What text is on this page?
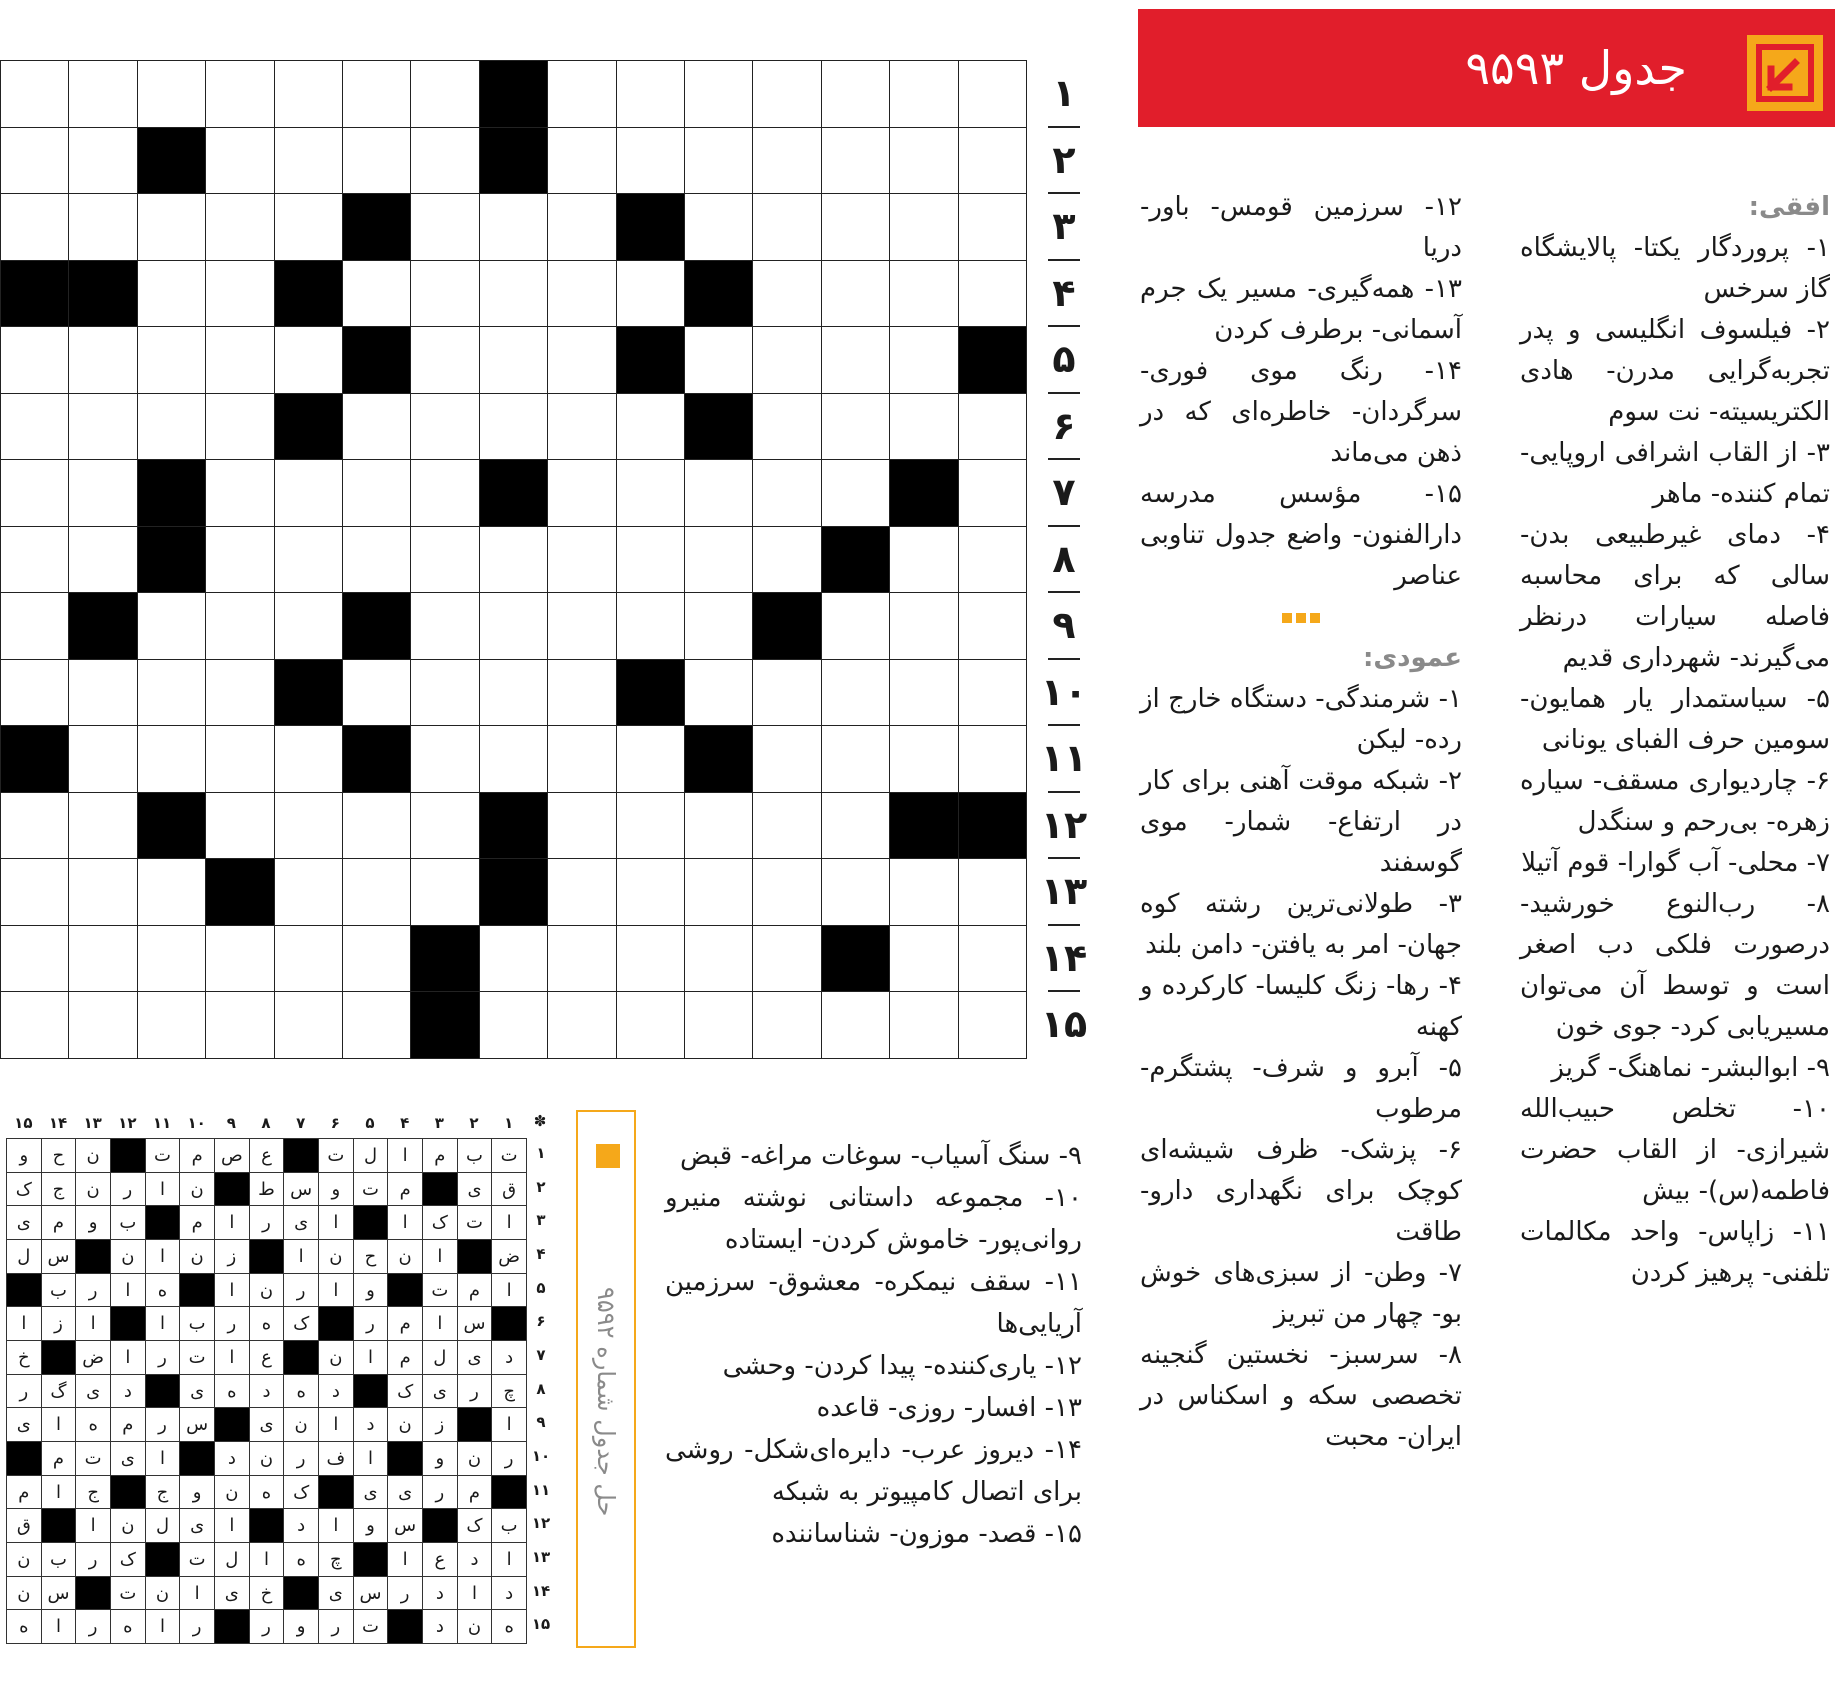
جدول ۹۵۹۳

افقی:

۱- پروردگار یکتا- پالایشگاه گاز سرخس

۲- فیلسوف انگلیسی و پدر تجربه‌گرایی مدرن- هادی الکتریسیته- نت سوم

۳- از القاب اشرافی اروپایی- تمام کننده- ماهر

۴- دمای غیرطبیعی بدن- سالی که برای محاسبه فاصله سیارات درنظر می‌گیرند- شهرداری قدیم

۵- سیاستمدار یار همایون- سومین حرف الفبای یونانی

۶- چاردیواری مسقف- سیاره زهره- بی‌رحم و سنگدل

۷- محلی- آب گوارا- قوم آتیلا

۸- رب‌النوع خورشید- درصورت فلکی دب اصغر است و توسط آن می‌توان مسیریابی کرد- جوی خون

۹- ابوالبشر- نماهنگ- گریز

۱۰- تخلص حبیب‌الله شیرازی- از القاب حضرت فاطمه(س)- بیش

۱۱- زاپاس- واحد مکالمات تلفنی- پرهیز کردن

۱۲- سرزمین قومس- باور- دریا

۱۳- همه‌گیری- مسیر یک جرم آسمانی- برطرف کردن

۱۴- رنگ موی فوری- سرگردان- خاطره‌ای که در ذهن می‌ماند

۱۵- مؤسس مدرسه دارالفنون- واضع جدول تناوبی عناصر

عمودی:

۱- شرمندگی- دستگاه خارج از رده- لیکن

۲- شبکه موقت آهنی برای کار در ارتفاع- شمار- موی گوسفند

۳- طولانی‌ترین رشته کوه جهان- امر به یافتن- دامن بلند

۴- رها- زنگ کلیسا- کارکرده و کهنه

۵- آبرو و شرف- پشتگرم- مرطوب

۶- پزشک- ظرف شیشه‌ای کوچک برای نگهداری دارو- طاقت

۷- وطن- از سبزی‌های خوش بو- چهار من تبریز

۸- سرسبز- نخستین گنجینه تخصصی سکه و اسکناس در ایران- محبت

۹- سنگ آسیاب- سوغات مراغه- قبض

۱۰- مجموعه داستانی نوشته منیرو روانی‌پور- خاموش کردن- ایستاده

۱۱- سقف نیمکره- معشوق- سرزمین آریایی‌ها

۱۲- یاری‌کننده- پیدا کردن- وحشی

۱۳- افسار- روزی- قاعده

۱۴- دیروز عرب- دایره‌ای‌شکل- روشی برای اتصال کامپیوتر به شبکه

۱۵- قصد- موزون- شناساننده

۱
۲
۳
۴
۵
۶
۷
۸
۹
۱۰
۱۱
۱۲
۱۳
۱۴
۱۵
حل جدول شماره ۹۵۹۲
✽
۱
۲
۳
۴
۵
۶
۷
۸
۹
۱۰
۱۱
۱۲
۱۳
۱۴
۱۵
۱
۲
۳
۴
۵
۶
۷
۸
۹
۱۰
۱۱
۱۲
۱۳
۱۴
۱۵
ت
ب
م
ا
ل
ت
ع
ص
م
ت
ن
ح
و
ق
ی
م
ت
و
س
ط
ن
ا
ر
ن
ج
ک
ا
ت
ک
ا
ا
ی
ر
ا
م
ب
و
م
ی
ض
ا
ن
ح
ن
ا
ز
ن
ا
ن
س
ل
ا
م
ت
و
ا
ر
ن
ا
ه
ا
ر
ب
س
ا
م
ر
ک
ه
ر
ب
ا
ا
ز
ا
د
ی
ل
م
ا
ن
ع
ا
ت
ر
ا
ض
خ
چ
ر
ی
ک
د
ه
د
ه
ی
د
ی
گ
ر
ا
ز
ن
د
ا
ن
ی
س
ر
م
ه
ا
ی
ر
ن
و
ا
ف
ر
ن
د
ا
ی
ت
م
م
ر
ی
ی
ک
ه
ن
و
ج
ج
ا
م
ب
ک
س
و
ا
د
ا
ی
ل
ن
ا
ق
ا
د
ع
ا
چ
ه
ا
ل
ت
ک
ر
ب
ن
د
ا
د
ر
س
ی
خ
ی
ا
ن
ت
س
ن
ه
ن
د
ت
ر
و
ر
ر
ا
ه
ر
ا
ه
